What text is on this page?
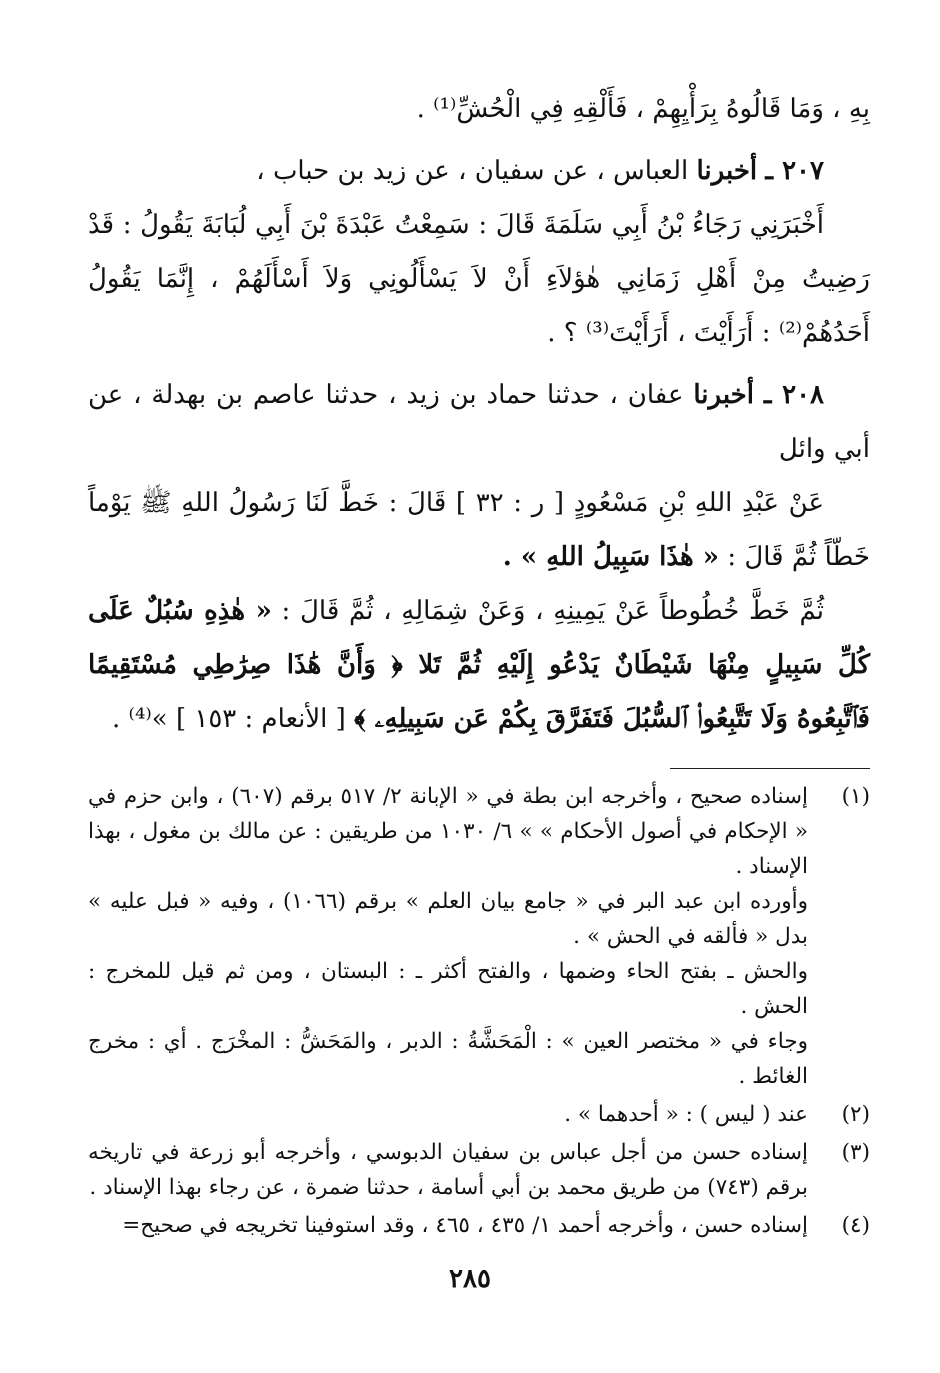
بِهِ ، وَمَا قَالُوهُ بِرَأْيِهِمْ ، فَأَلْقِهِ فِي الْحُشِّ⁽¹⁾ .

٢٠٧ ـ أخبرنا العباس ، عن سفيان ، عن زيد بن حباب ،

أَخْبَرَنِي رَجَاءُ بْنُ أَبِي سَلَمَةَ قَالَ : سَمِعْتُ عَبْدَةَ بْنَ أَبِي لُبَابَةَ يَقُولُ : قَدْ رَضِيتُ مِنْ أَهْلِ زَمَانِي هٰؤلاَءِ أَنْ لاَ يَسْأَلُونِي وَلاَ أَسْأَلَهُمْ ، إِنَّمَا يَقُولُ أَحَدُهُمْ⁽²⁾ : أَرَأَيْتَ ، أَرَأَيْتَ⁽³⁾ ؟ .

٢٠٨ ـ أخبرنا عفان ، حدثنا حماد بن زيد ، حدثنا عاصم بن بهدلة ، عن أبي وائل

عَنْ عَبْدِ اللهِ بْنِ مَسْعُودٍ [ ر : ٣٢ ] قَالَ : خَطَّ لَنَا رَسُولُ اللهِ ﷺ يَوْماً خَطّاً ثُمَّ قَالَ : « هٰذَا سَبِيلُ اللهِ » .

ثُمَّ خَطَّ خُطُوطاً عَنْ يَمِينِهِ ، وَعَنْ شِمَالِهِ ، ثُمَّ قَالَ : « هٰذِهِ سُبُلٌ عَلَى كُلِّ سَبِيلٍ مِنْهَا شَيْطَانٌ يَدْعُو إِلَيْهِ ثُمَّ تَلا ﴿ وَأَنَّ هَٰذَا صِرَٰطِي مُسْتَقِيمًا فَٱتَّبِعُوهُ وَلَا تَتَّبِعُوا۟ ٱلسُّبُلَ فَتَفَرَّقَ بِكُمْ عَن سَبِيلِهِۦ ﴾ [ الأنعام : ١٥٣ ] »⁽⁴⁾ .

(١)

إسناده صحيح ، وأخرجه ابن بطة في « الإبانة ٢/ ٥١٧ برقم (٦٠٧) ، وابن حزم في « الإحكام في أصول الأحكام » » ٦/ ١٠٣٠ من طريقين : عن مالك بن مغول ، بهذا الإسناد .

وأورده ابن عبد البر في « جامع بيان العلم » برقم (١٠٦٦) ، وفيه « فبل عليه » بدل « فألقه في الحش » .

والحش ـ بفتح الحاء وضمها ، والفتح أكثر ـ : البستان ، ومن ثم قيل للمخرج : الحش .

وجاء في « مختصر العين » : الْمَحَشَّةُ : الدبر ، والمَحَشُّ : المخْرَج . أي : مخرج الغائط .

(٢)

عند ( ليس ) : « أحدهما » .

(٣)

إسناده حسن من أجل عباس بن سفيان الدبوسي ، وأخرجه أبو زرعة في تاريخه برقم (٧٤٣) من طريق محمد بن أبي أسامة ، حدثنا ضمرة ، عن رجاء بهذا الإسناد .

(٤)

إسناده حسن ، وأخرجه أحمد ١/ ٤٣٥ ، ٤٦٥ ، وقد استوفينا تخريجه في صحيح=

٢٨٥
